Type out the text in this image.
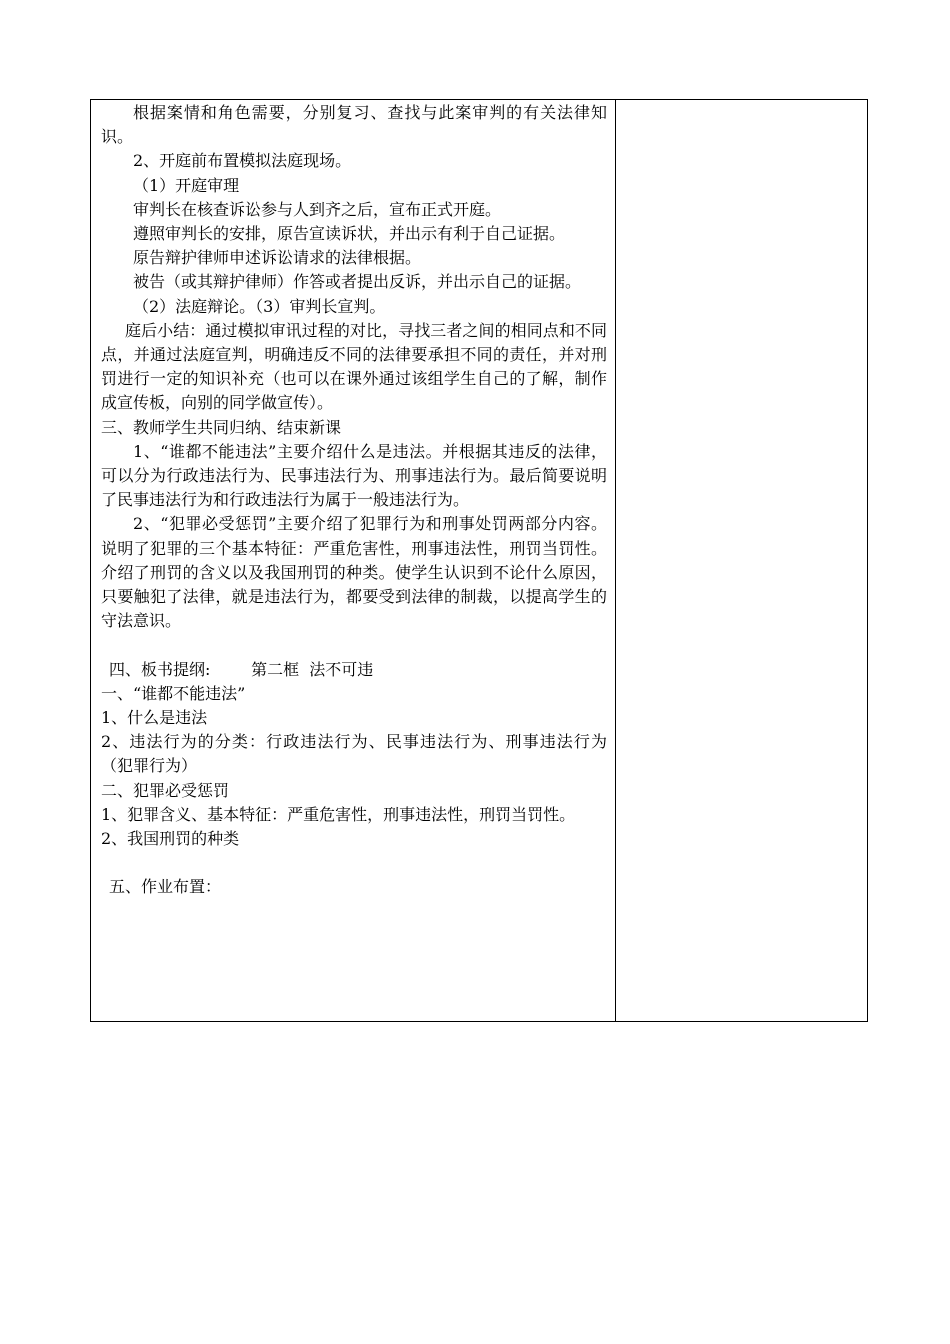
根据案情和角色需要，分别复习、查找与此案审判的有关法律知识。

2、开庭前布置模拟法庭现场。

（1）开庭审理

审判长在核查诉讼参与人到齐之后，宣布正式开庭。

遵照审判长的安排，原告宣读诉状，并出示有利于自己证据。

原告辩护律师申述诉讼请求的法律根据。

被告（或其辩护律师）作答或者提出反诉，并出示自己的证据。

（2）法庭辩论。（3）审判长宣判。

庭后小结：通过模拟审讯过程的对比，寻找三者之间的相同点和不同点，并通过法庭宣判，明确违反不同的法律要承担不同的责任，并对刑罚进行一定的知识补充（也可以在课外通过该组学生自己的了解，制作成宣传板，向别的同学做宣传）。

三、教师学生共同归纳、结束新课

1、“谁都不能违法”主要介绍什么是违法。并根据其违反的法律，可以分为行政违法行为、民事违法行为、刑事违法行为。最后简要说明了民事违法行为和行政违法行为属于一般违法行为。

2、“犯罪必受惩罚”主要介绍了犯罪行为和刑事处罚两部分内容。说明了犯罪的三个基本特征：严重危害性，刑事违法性，刑罚当罚性。介绍了刑罚的含义以及我国刑罚的种类。使学生认识到不论什么原因，只要触犯了法律，就是违法行为，都要受到法律的制裁，以提高学生的守法意识。

四、板书提纲:        第二框  法不可违

一、“谁都不能违法”

1、什么是违法

2、违法行为的分类：行政违法行为、民事违法行为、刑事违法行为（犯罪行为）

二、犯罪必受惩罚

1、犯罪含义、基本特征：严重危害性，刑事违法性，刑罚当罚性。

2、我国刑罚的种类

五、作业布置：
